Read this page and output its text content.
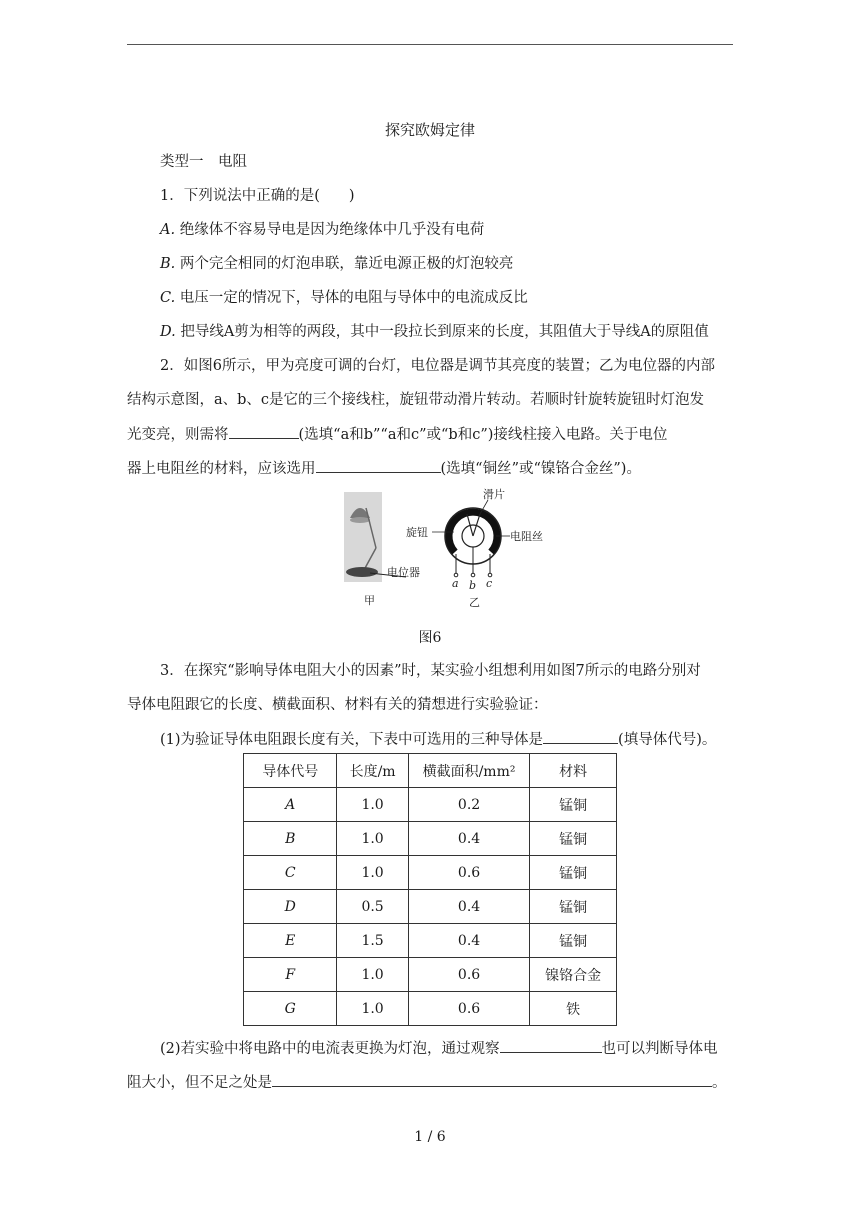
探究欧姆定律
类型一　电阻
1．下列说法中正确的是(　　)
A. 绝缘体不容易导电是因为绝缘体中几乎没有电荷
B. 两个完全相同的灯泡串联，靠近电源正极的灯泡较亮
C. 电压一定的情况下，导体的电阻与导体中的电流成反比
D. 把导线A剪为相等的两段，其中一段拉长到原来的长度，其阻值大于导线A的原阻值
2．如图6所示，甲为亮度可调的台灯，电位器是调节其亮度的装置；乙为电位器的内部
结构示意图，a、b、c是它的三个接线柱，旋钮带动滑片转动。若顺时针旋转旋钮时灯泡发
光变亮，则需将	(选填“a和b”“a和c”或“b和c”)接线柱接入电路。关于电位
器上电阻丝的材料，应该选用	(选填“铜丝”或“镍铬合金丝”)。
电位器
甲
a b c
滑片
旋钮	电阻丝
乙
图6
3．在探究“影响导体电阻大小的因素”时，某实验小组想利用如图7所示的电路分别对
导体电阻跟它的长度、横截面积、材料有关的猜想进行实验验证：
(1)为验证导体电阻跟长度有关，下表中可选用的三种导体是	(填导体代号)。
导体代号	长度/m	横截面积/mm²	材料
A	1.0	0.2	锰铜
B	1.0	0.4	锰铜
C	1.0	0.6	锰铜
D	0.5	0.4	锰铜
E	1.5	0.4	锰铜
F	1.0	0.6	镍铬合金
G	1.0	0.6	铁
(2)若实验中将电路中的电流表更换为灯泡，通过观察	也可以判断导体电
阻大小，但不足之处是	。
1 / 6
